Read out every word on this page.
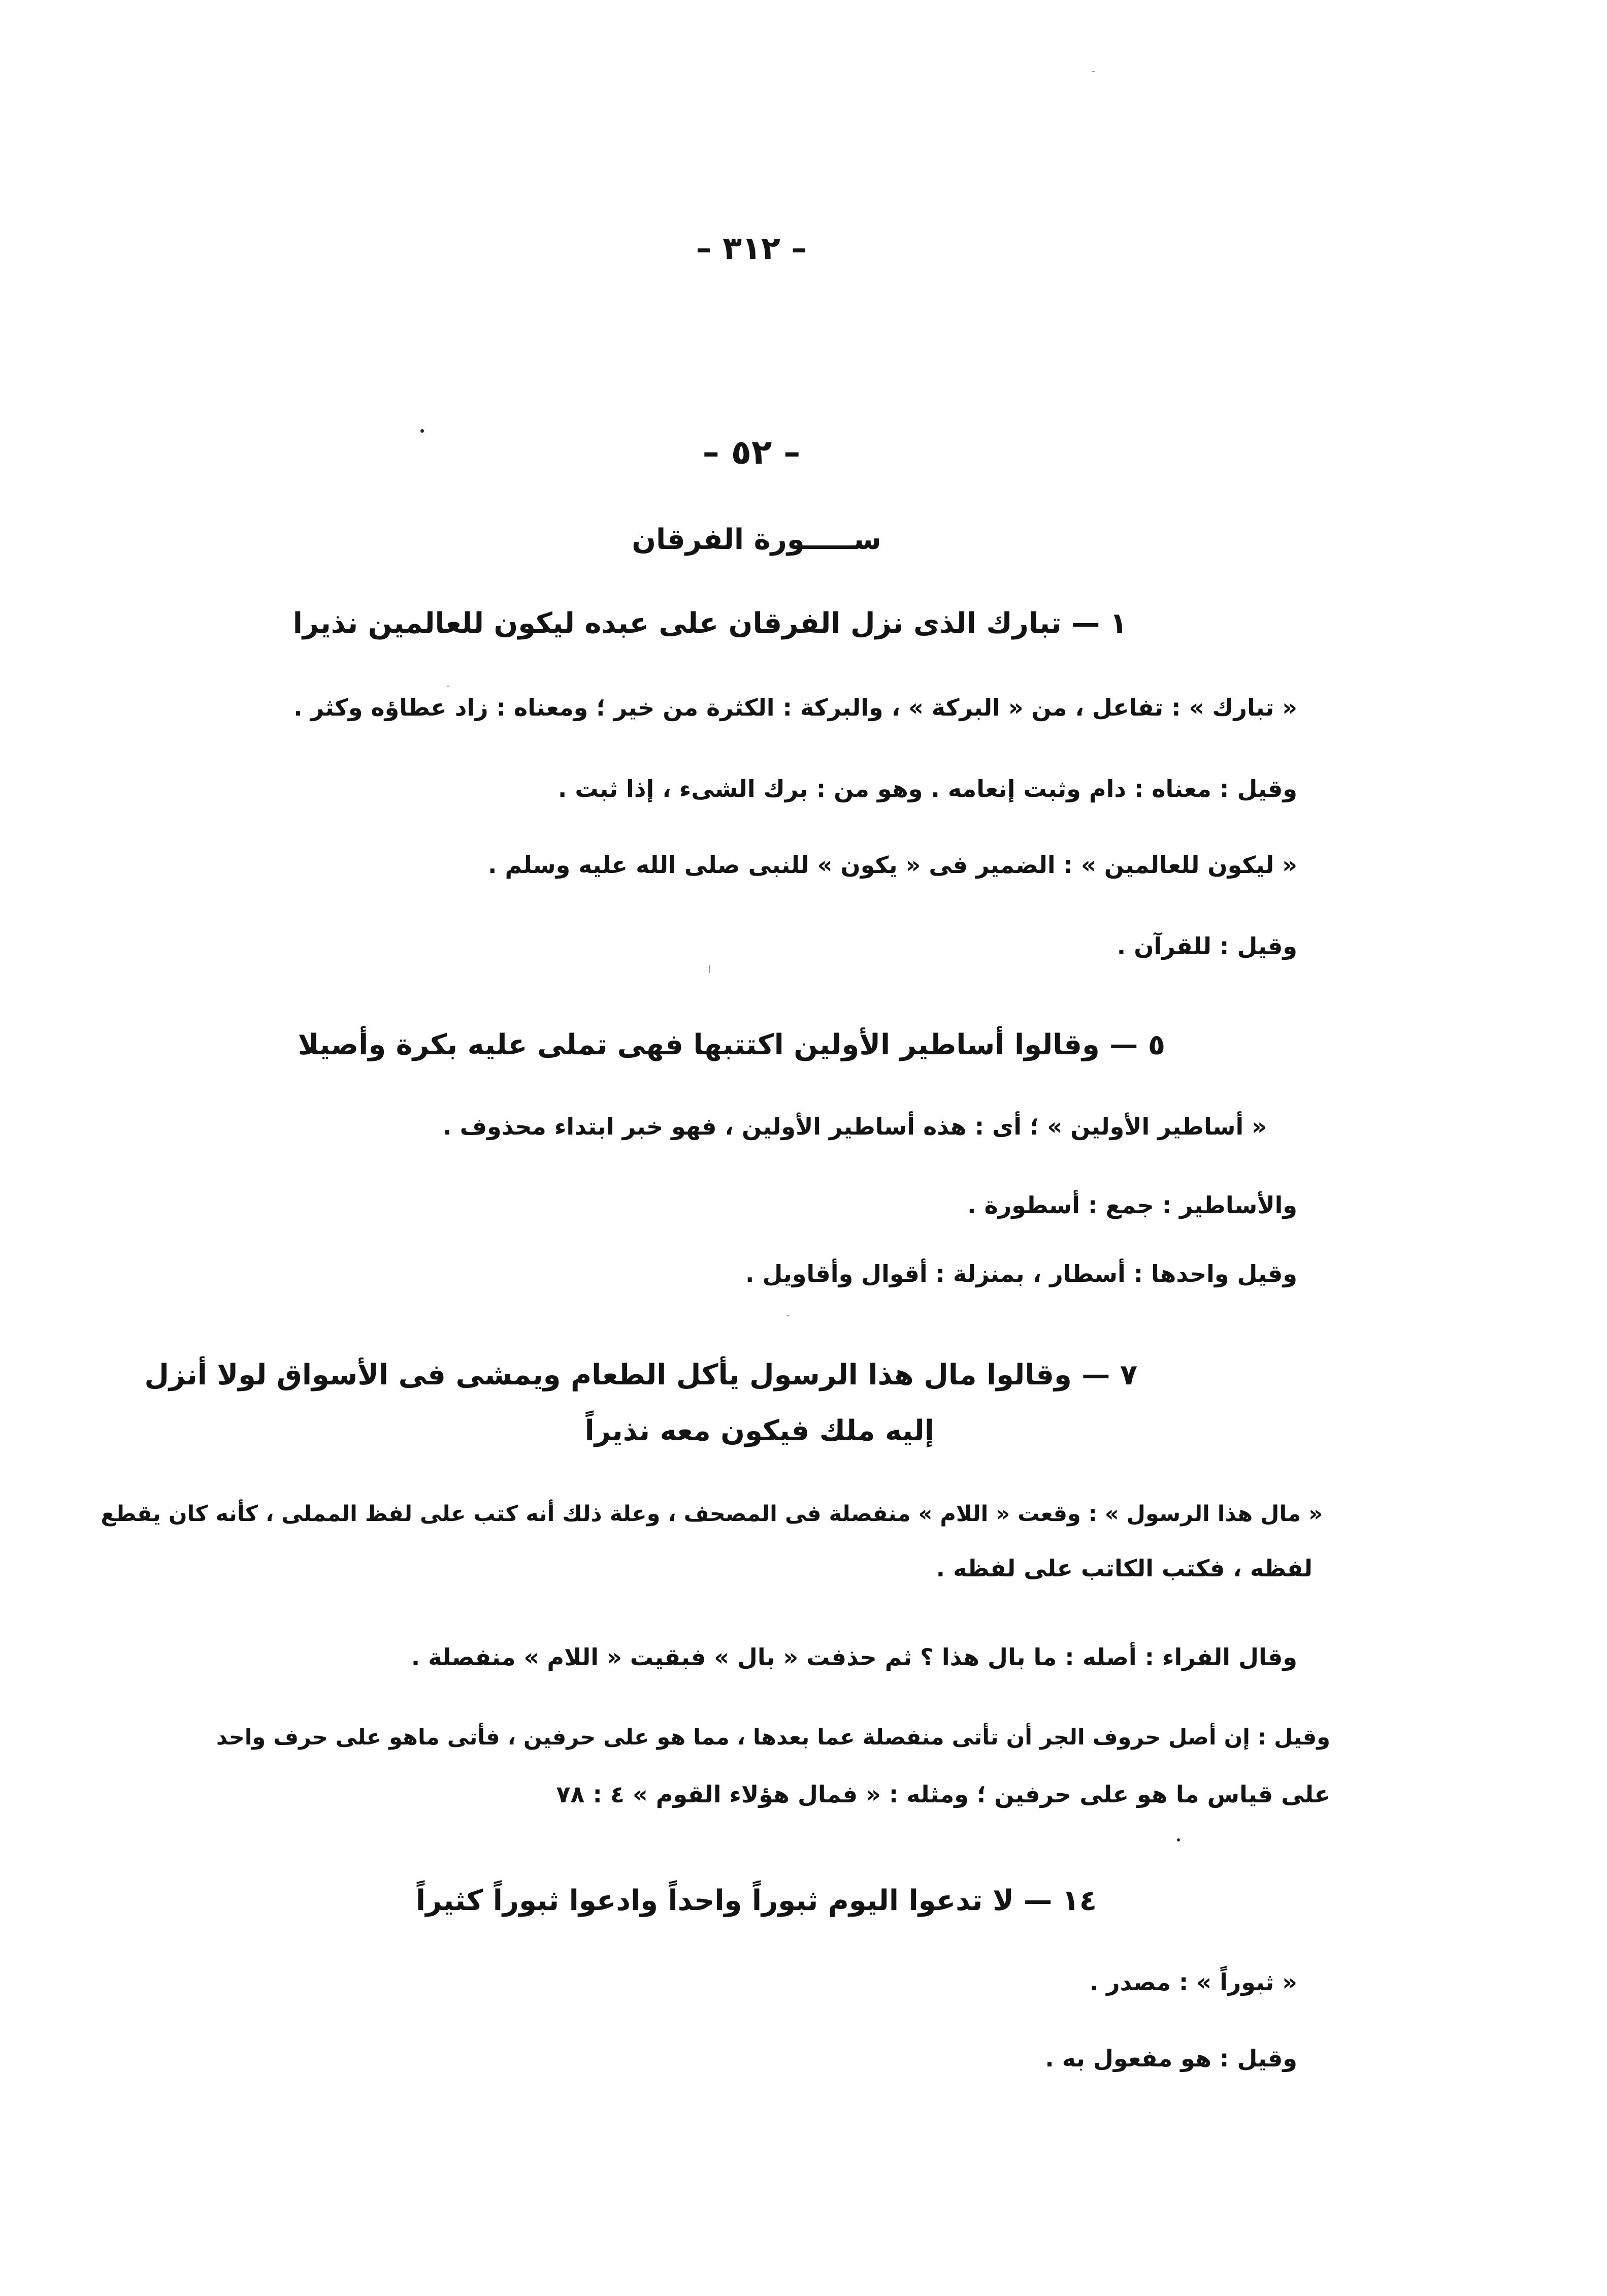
– ٣١٢ –
– ٥٢ –
ســـــورة الفرقان
١ — تبارك الذى نزل الفرقان على عبده ليكون للعالمين نذيرا
« تبارك » : تفاعل ، من « البركة » ، والبركة : الكثرة من خير ؛ ومعناه : زاد عطاؤه وكثر .
وقيل : معناه : دام وثبت إنعامه . وهو من : برك الشىء ، إذا ثبت .
« ليكون للعالمين » : الضمير فى « يكون » للنبى صلى الله عليه وسلم .
وقيل : للقرآن .
٥ — وقالوا أساطير الأولين اكتتبها فهى تملى عليه بكرة وأصيلا
« أساطير الأولين » ؛ أى : هذه أساطير الأولين ، فهو خبر ابتداء محذوف .
والأساطير : جمع : أسطورة .
وقيل واحدها : أسطار ، بمنزلة : أقوال وأقاويل .
٧ — وقالوا مال هذا الرسول يأكل الطعام ويمشى فى الأسواق لولا أنزل
إليه ملك فيكون معه نذيراً
« مال هذا الرسول » : وقعت « اللام » منفصلة فى المصحف ، وعلة ذلك أنه كتب على لفظ المملى ، كأنه كان يقطع
لفظه ، فكتب الكاتب على لفظه .
وقال الفراء : أصله : ما بال هذا ؟ ثم حذفت « بال » فبقيت « اللام » منفصلة .
وقيل : إن أصل حروف الجر أن تأتى منفصلة عما بعدها ، مما هو على حرفين ، فأتى ماهو على حرف واحد
على قياس ما هو على حرفين ؛ ومثله : « فمال هؤلاء القوم » ٤ : ٧٨
١٤ — لا تدعوا اليوم ثبوراً واحداً وادعوا ثبوراً كثيراً
« ثبوراً » : مصدر .
وقيل : هو مفعول به .
